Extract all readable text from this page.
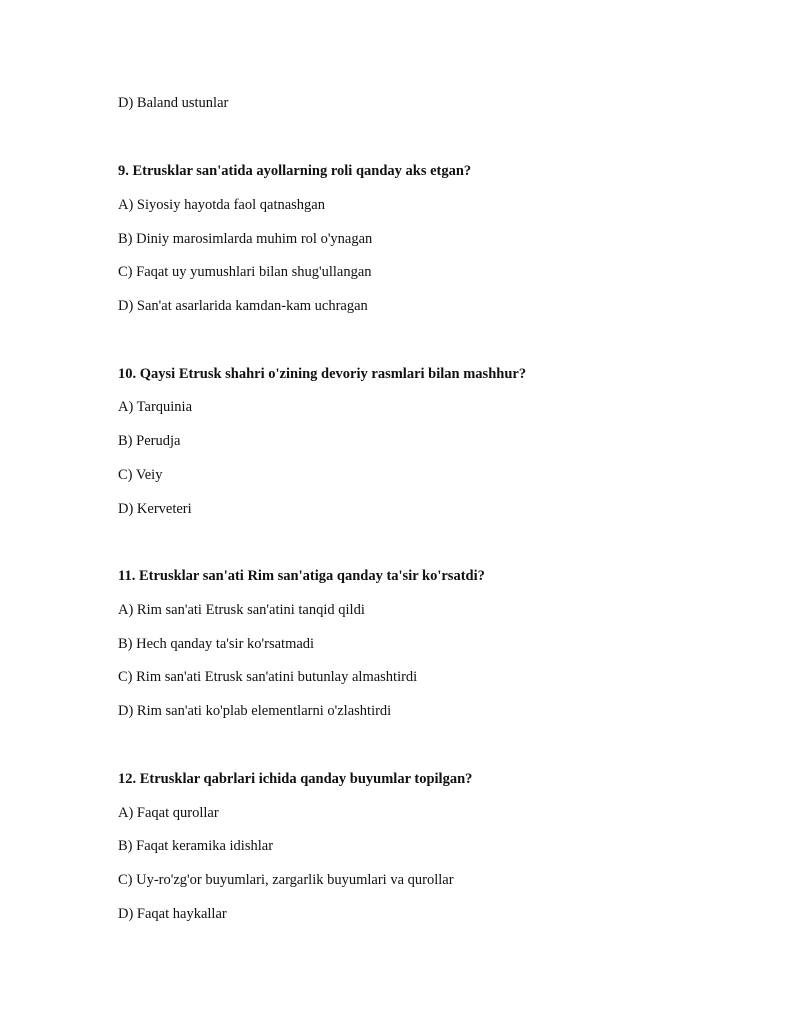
D) Baland ustunlar
9. Etrusklar san'atida ayollarning roli qanday aks etgan?
A) Siyosiy hayotda faol qatnashgan
B) Diniy marosimlarda muhim rol o'ynagan
C) Faqat uy yumushlari bilan shug'ullangan
D) San'at asarlarida kamdan-kam uchragan
10. Qaysi Etrusk shahri o'zining devoriy rasmlari bilan mashhur?
A) Tarquinia
B) Perudja
C) Veiy
D) Kerveteri
11. Etrusklar san'ati Rim san'atiga qanday ta'sir ko'rsatdi?
A) Rim san'ati Etrusk san'atini tanqid qildi
B) Hech qanday ta'sir ko'rsatmadi
C) Rim san'ati Etrusk san'atini butunlay almashtirdi
D) Rim san'ati ko'plab elementlarni o'zlashtirdi
12. Etrusklar qabrlari ichida qanday buyumlar topilgan?
A) Faqat qurollar
B) Faqat keramika idishlar
C) Uy-ro'zg'or buyumlari, zargarlik buyumlari va qurollar
D) Faqat haykallar
